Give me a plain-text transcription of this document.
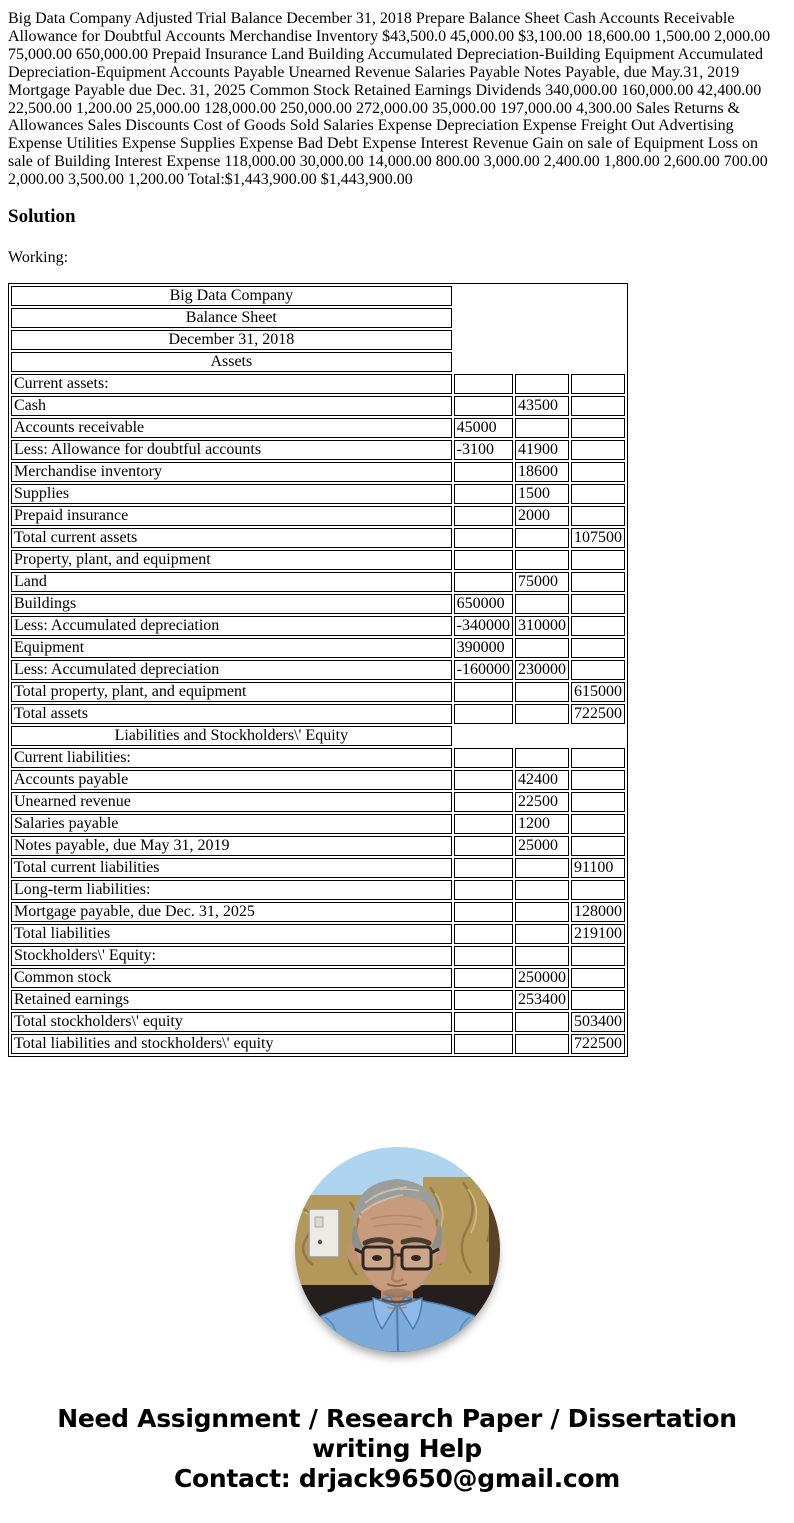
Big Data Company Adjusted Trial Balance December 31, 2018 Prepare Balance Sheet Cash Accounts Receivable Allowance for Doubtful Accounts Merchandise Inventory $43,500.0 45,000.00 $3,100.00 18,600.00 1,500.00 2,000.00 75,000.00 650,000.00 Prepaid Insurance Land Building Accumulated Depreciation-Building Equipment Accumulated Depreciation-Equipment Accounts Payable Unearned Revenue Salaries Payable Notes Payable, due May.31, 2019 Mortgage Payable due Dec. 31, 2025 Common Stock Retained Earnings Dividends 340,000.00 160,000.00 42,400.00 22,500.00 1,200.00 25,000.00 128,000.00 250,000.00 272,000.00 35,000.00 197,000.00 4,300.00 Sales Returns & Allowances Sales Discounts Cost of Goods Sold Salaries Expense Depreciation Expense Freight Out Advertising Expense Utilities Expense Supplies Expense Bad Debt Expense Interest Revenue Gain on sale of Equipment Loss on sale of Building Interest Expense 118,000.00 30,000.00 14,000.00 800.00 3,000.00 2,400.00 1,800.00 2,600.00 700.00 2,000.00 3,500.00 1,200.00 Total:$1,443,900.00 $1,443,900.00

Solution

Working:

Big Data Company			
Balance Sheet			
December 31, 2018			
Assets			
Current assets:			
Cash		43500	
Accounts receivable	45000		
Less: Allowance for doubtful accounts	-3100	41900	
Merchandise inventory		18600	
Supplies		1500	
Prepaid insurance		2000	
Total current assets			107500
Property, plant, and equipment			
Land		75000	
Buildings	650000		
Less: Accumulated depreciation	-340000	310000	
Equipment	390000		
Less: Accumulated depreciation	-160000	230000	
Total property, plant, and equipment			615000
Total assets			722500
Liabilities and Stockholders\' Equity			
Current liabilities:			
Accounts payable		42400	
Unearned revenue		22500	
Salaries payable		1200	
Notes payable, due May 31, 2019		25000	
Total current liabilities			91100
Long-term liabilities:			
Mortgage payable, due Dec. 31, 2025			128000
Total liabilities			219100
Stockholders\' Equity:			
Common stock		250000	
Retained earnings		253400	
Total stockholders\' equity			503400
Total liabilities and stockholders\' equity			722500
Need Assignment / Research Paper / Dissertation
writing Help
Contact: drjack9650@gmail.com
